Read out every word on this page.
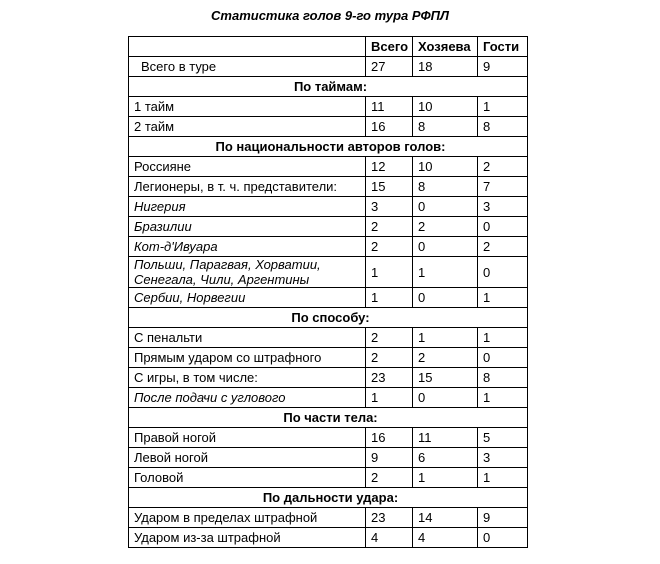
Статистика голов 9-го тура РФПЛ
	Всего	Хозяева	Гости
Всего в туре	27	18	9
По таймам:			
1 тайм	11	10	1
2 тайм	16	8	8
По национальности авторов голов:			
Россияне	12	10	2
Легионеры, в т. ч. представители:	15	8	7
Нигерия	3	0	3
Бразилии	2	2	0
Кот-д'Ивуара	2	0	2

Польши, Парагвая, Хорватии,
Сенегала, Чили, Аргентины	1	1	0
Сербии, Норвегии	1	0	1
По способу:			
С пенальти	2	1	1
Прямым ударом со штрафного	2	2	0
С игры, в том числе:	23	15	8
После подачи с углового	1	0	1
По части тела:			
Правой ногой	16	11	5
Левой ногой	9	6	3
Головой	2	1	1
По дальности удара:			
Ударом в пределах штрафной	23	14	9
Ударом из-за штрафной	4	4	0
